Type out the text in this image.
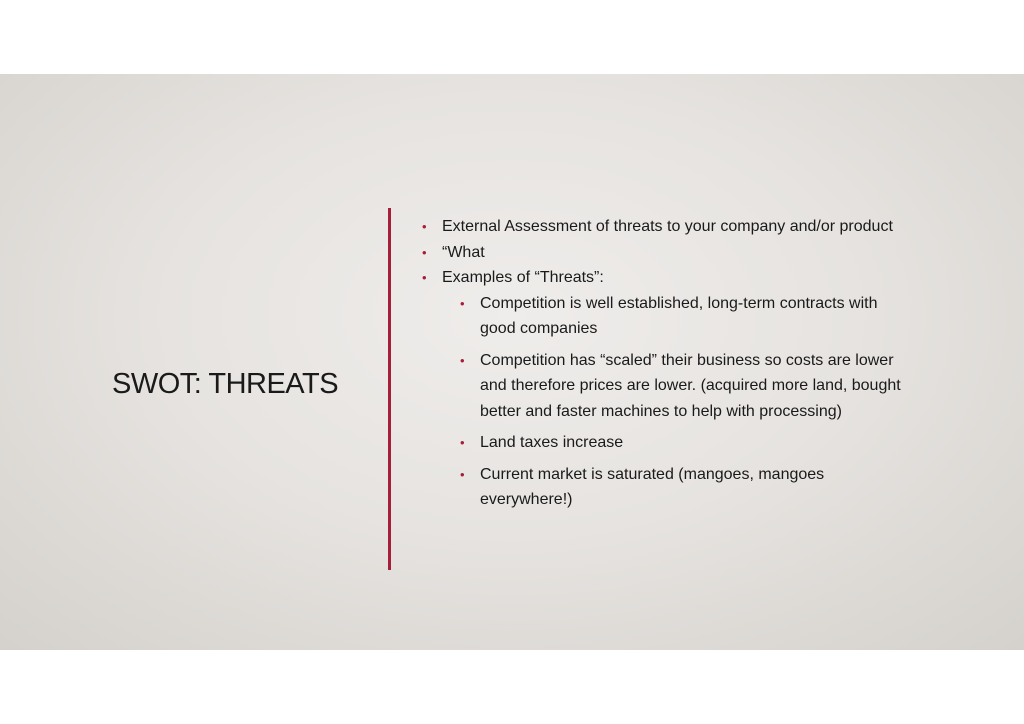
SWOT: THREATS
• External Assessment of threats to your company and/or product
• “What
• Examples of “Threats”:
• Competition is well established, long-term contracts with good companies
• Competition has “scaled” their business so costs are lower and therefore prices are lower. (acquired more land, bought better and faster machines to help with processing)
• Land taxes increase
• Current market is saturated (mangoes, mangoes everywhere!)
